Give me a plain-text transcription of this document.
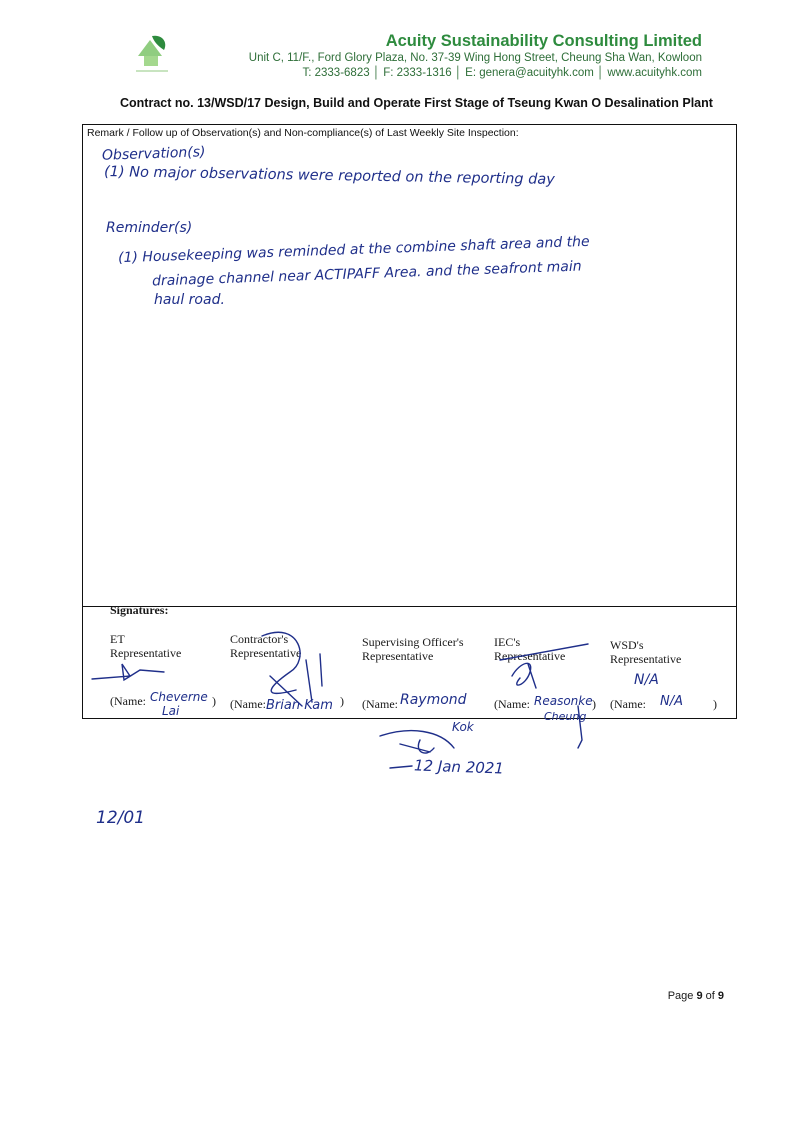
Acuity Sustainability Consulting Limited
Unit C, 11/F., Ford Glory Plaza, No. 37-39 Wing Hong Street, Cheung Sha Wan, Kowloon
T: 2333-6823 │ F: 2333-1316 │ E: genera@acuityhk.com │ www.acuityhk.com
Contract no. 13/WSD/17 Design, Build and Operate First Stage of Tseung Kwan O Desalination Plant
Remark / Follow up of Observation(s) and Non-compliance(s) of Last Weekly Site Inspection:
Observation(s)
(1) No major observations were reported on the reporting day
Reminder(s)
(1) Housekeeping was reminded at the combine shaft area and the
drainage channel near ACTIPAFF Area. and the seafront main
haul road.
Signatures:
ET
Representative
Contractor's
Representative
Supervising Officer's
Representative
IEC's
Representative
WSD's
Representative
(Name: Cheverne
Lai
) (Name: Brian Kam ) (Name: Raymond
Kok
(Name: Reasonke
Cheung
)
N/A
(Name: N/A	)
12 Jan 2021
12/01
Page 9 of 9
